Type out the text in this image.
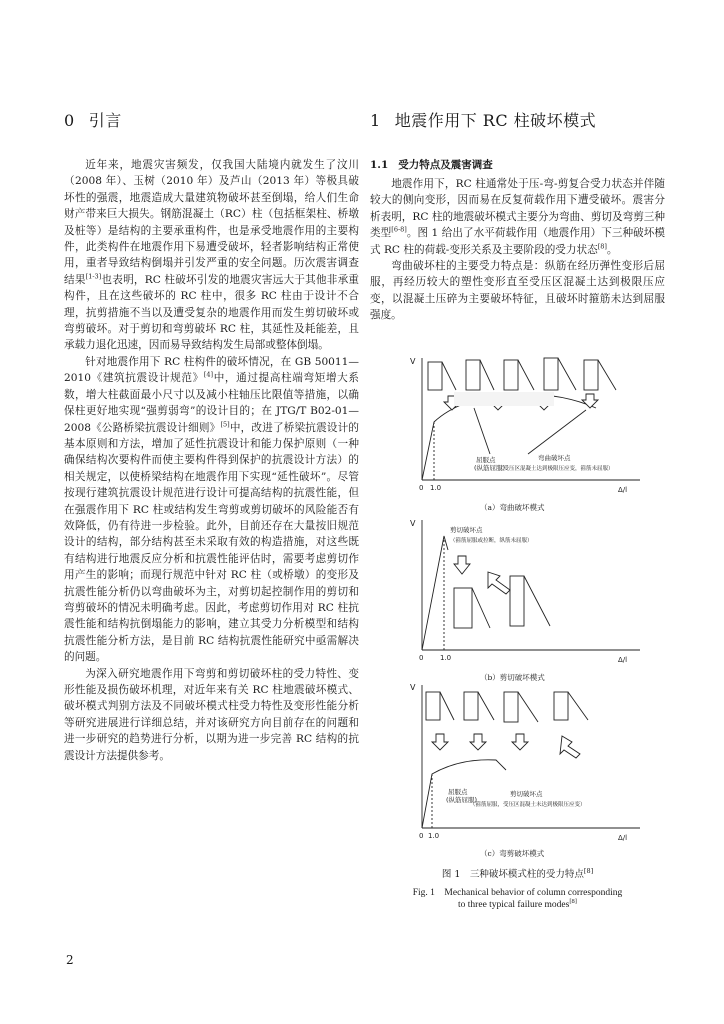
0 引言

近年来，地震灾害频发，仅我国大陆境内就发生了汶川（2008 年）、玉树（2010 年）及芦山（2013 年）等极具破坏性的强震，地震造成大量建筑物破坏甚至倒塌，给人们生命财产带来巨大损失。钢筋混凝土（RC）柱（包括框架柱、桥墩及桩等）是结构的主要承重构件，也是承受地震作用的主要构件，此类构件在地震作用下易遭受破坏，轻者影响结构正常使用，重者导致结构倒塌并引发严重的安全问题。历次震害调查结果[1-3]也表明，RC 柱破坏引发的地震灾害远大于其他非承重构件，且在这些破坏的 RC 柱中，很多 RC 柱由于设计不合理，抗剪措施不当以及遭受复杂的地震作用而发生剪切破坏或弯剪破坏。对于剪切和弯剪破坏 RC 柱，其延性及耗能差，且承载力退化迅速，因而易导致结构发生局部或整体倒塌。

针对地震作用下 RC 柱构件的破坏情况，在 GB 50011—2010《建筑抗震设计规范》[4]中，通过提高柱端弯矩增大系数，增大柱截面最小尺寸以及减小柱轴压比限值等措施，以确保柱更好地实现“强剪弱弯”的设计目的；在 JTG/T B02-01—2008《公路桥梁抗震设计细则》[5]中，改进了桥梁抗震设计的基本原则和方法，增加了延性抗震设计和能力保护原则（一种确保结构次要构件而使主要构件得到保护的抗震设计方法）的相关规定，以使桥梁结构在地震作用下实现“延性破坏”。尽管按现行建筑抗震设计规范进行设计可提高结构的抗震性能，但在强震作用下 RC 柱或结构发生弯剪或剪切破坏的风险能否有效降低，仍有待进一步检验。此外，目前还存在大量按旧规范设计的结构，部分结构甚至未采取有效的构造措施，对这些既有结构进行地震反应分析和抗震性能评估时，需要考虑剪切作用产生的影响；而现行规范中针对 RC 柱（或桥墩）的变形及抗震性能分析仍以弯曲破坏为主，对剪切起控制作用的剪切和弯剪破坏的情况未明确考虑。因此，考虑剪切作用对 RC 柱抗震性能和结构抗倒塌能力的影响，建立其受力分析模型和结构抗震性能分析方法，是目前 RC 结构抗震性能研究中亟需解决的问题。

为深入研究地震作用下弯剪和剪切破坏柱的受力特性、变形性能及损伤破坏机理，对近年来有关 RC 柱地震破坏模式、破坏模式判别方法及不同破坏模式柱受力特性及变形性能分析等研究进展进行详细总结，并对该研究方向目前存在的问题和进一步研究的趋势进行分析，以期为进一步完善 RC 结构的抗震设计方法提供参考。

1 地震作用下 RC 柱破坏模式
1.1 受力特点及震害调查

地震作用下，RC 柱通常处于压-弯-剪复合受力状态并伴随较大的侧向变形，因而易在反复荷载作用下遭受破坏。震害分析表明，RC 柱的地震破坏模式主要分为弯曲、剪切及弯剪三种类型[6-8]。图 1 给出了水平荷载作用（地震作用）下三种破坏模式 RC 柱的荷载-变形关系及主要阶段的受力状态[8]。

弯曲破坏柱的主要受力特点是：纵筋在经历弹性变形后屈服，再经历较大的塑性变形直至受压区混凝土达到极限压应变，以混凝土压碎为主要破坏特征，且破坏时箍筋未达到屈服强度。

V
Δ/l
0 1.0
V
Δ/l
0 1.0
V
Δ/l
0 1.0
屈服点
(纵筋屈服)
弯曲破坏点
（受压区混凝土达到极限压应变，箍筋未屈服）
剪切破坏点
（箍筋屈服或拉断，纵筋未屈服）
屈服点
(纵筋屈服)
剪切破坏点
（箍筋屈服，受压区混凝土未达到极限压应变）
（a）弯曲破坏模式
（b）剪切破坏模式
（c）弯剪破坏模式
图 1　三种破坏模式柱的受力特点[8]
Fig. 1　Mechanical behavior of column corresponding
to three typical failure modes[8]
2
